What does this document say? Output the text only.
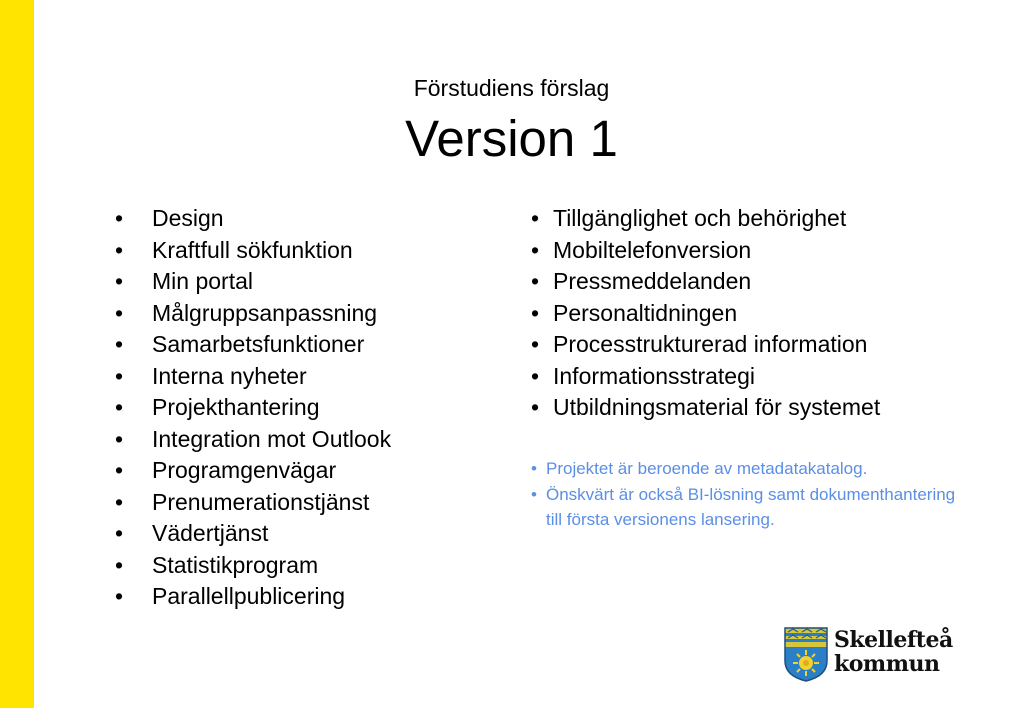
Förstudiens förslag
Version 1
• Design
• Kraftfull sökfunktion
• Min portal
• Målgruppsanpassning
• Samarbetsfunktioner
• Interna nyheter
• Projekthantering
• Integration mot Outlook
• Programgenvägar
• Prenumerationstjänst
• Vädertjänst
• Statistikprogram
• Parallellpublicering
• Tillgänglighet och behörighet
• Mobiltelefonversion
• Pressmeddelanden
• Personaltidningen
• Processtrukturerad information
• Informationsstrategi
• Utbildningsmaterial för systemet
• Projektet är beroende av metadatakatalog.
• Önskvärt är också BI-lösning samt dokumenthantering till första versionens lansering.
Skellefteå
kommun
